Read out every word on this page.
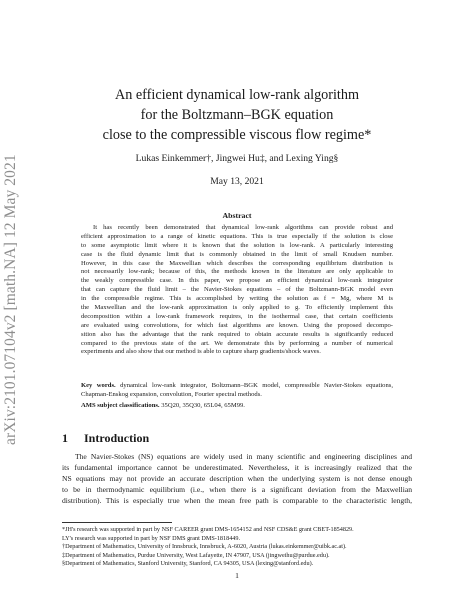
arXiv:2101.07104v2 [math.NA] 12 May 2021
An efficient dynamical low-rank algorithm
for the Boltzmann–BGK equation
close to the compressible viscous flow regime*
Lukas Einkemmer†, Jingwei Hu‡, and Lexing Ying§
May 13, 2021
Abstract
It has recently been demonstrated that dynamical low-rank algorithms can provide robust and
efficient approximation to a range of kinetic equations. This is true especially if the solution is close
to some asymptotic limit where it is known that the solution is low-rank. A particularly interesting
case is the fluid dynamic limit that is commonly obtained in the limit of small Knudsen number.
However, in this case the Maxwellian which describes the corresponding equilibrium distribution is
not necessarily low-rank; because of this, the methods known in the literature are only applicable to
the weakly compressible case. In this paper, we propose an efficient dynamical low-rank integrator
that can capture the fluid limit – the Navier-Stokes equations – of the Boltzmann-BGK model even
in the compressible regime. This is accomplished by writing the solution as f = Mg, where M is
the Maxwellian and the low-rank approximation is only applied to g. To efficiently implement this
decomposition within a low-rank framework requires, in the isothermal case, that certain coefficients
are evaluated using convolutions, for which fast algorithms are known. Using the proposed decompo-
sition also has the advantage that the rank required to obtain accurate results is significantly reduced
compared to the previous state of the art. We demonstrate this by performing a number of numerical
experiments and also show that our method is able to capture sharp gradients/shock waves.
Key words. dynamical low-rank integrator, Boltzmann–BGK model, compressible Navier-Stokes equations,
Chapman-Enskog expansion, convolution, Fourier spectral methods.
AMS subject classifications. 35Q20, 35Q30, 65L04, 65M99.
1 Introduction
The Navier-Stokes (NS) equations are widely used in many scientific and engineering disciplines and
its fundamental importance cannot be underestimated. Nevertheless, it is increasingly realized that the
NS equations may not provide an accurate description when the underlying system is not dense enough
to be in thermodynamic equilibrium (i.e., when there is a significant deviation from the Maxwellian
distribution). This is especially true when the mean free path is comparable to the characteristic length,
*JH's research was supported in part by NSF CAREER grant DMS-1654152 and NSF CDS&E grant CBET-1854829.
LY's research was supported in part by NSF DMS grant DMS-1818449.
†Department of Mathematics, University of Innsbruck, Innsbruck, A-6020, Austria (lukas.einkemmer@uibk.ac.at).
‡Department of Mathematics, Purdue University, West Lafayette, IN 47907, USA (jingweihu@purdue.edu).
§Department of Mathematics, Stanford University, Stanford, CA 94305, USA (lexing@stanford.edu).
1
